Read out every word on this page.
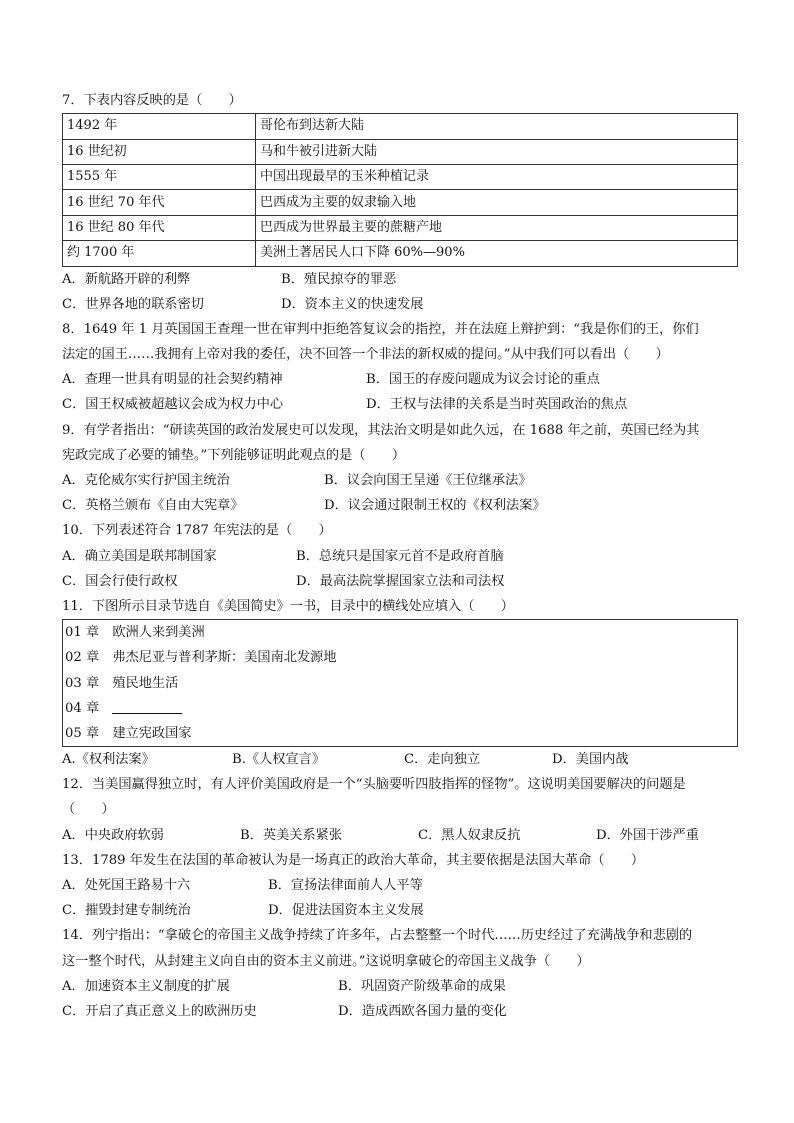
7．下表内容反映的是（　　）
1492 年	哥伦布到达新大陆
16 世纪初	马和牛被引进新大陆
1555 年	中国出现最早的玉米种植记录
16 世纪 70 年代	巴西成为主要的奴隶输入地
16 世纪 80 年代	巴西成为世界最主要的蔗糖产地
约 1700 年	美洲土著居民人口下降 60%—90%
A．新航路开辟的利弊	B．殖民掠夺的罪恶
C．世界各地的联系密切	D．资本主义的快速发展
8．1649 年 1 月英国国王查理一世在审判中拒绝答复议会的指控，并在法庭上辩护到：“我是你们的王，你们
法定的国王……我拥有上帝对我的委任，决不回答一个非法的新权威的提问。”从中我们可以看出（　　）
A．查理一世具有明显的社会契约精神	B．国王的存废问题成为议会讨论的重点
C．国王权威被超越议会成为权力中心	D．王权与法律的关系是当时英国政治的焦点
9．有学者指出：“研读英国的政治发展史可以发现，其法治文明是如此久远，在 1688 年之前，英国已经为其
宪政完成了必要的铺垫。”下列能够证明此观点的是（　　）
A．克伦威尔实行护国主统治	B．议会向国王呈递《王位继承法》
C．英格兰颁布《自由大宪章》	D．议会通过限制王权的《权利法案》
10．下列表述符合 1787 年宪法的是（　　）
A．确立美国是联邦制国家	B．总统只是国家元首不是政府首脑
C．国会行使行政权	D．最高法院掌握国家立法和司法权
11．下图所示目录节选自《美国简史》一书，目录中的横线处应填入（　　）
01 章　 欧洲人来到美洲
02 章　 弗杰尼亚与普利茅斯：美国南北发源地
03 章　 殖民地生活
04 章　
05 章　 建立宪政国家
A.《权利法案》	B.《人权宣言》	C．走向独立	D．美国内战
12．当美国赢得独立时，有人评价美国政府是一个“头脑要听四肢指挥的怪物”。这说明美国要解决的问题是
（　　）
A．中央政府软弱	B．英美关系紧张	C．黑人奴隶反抗	D．外国干涉严重
13．1789 年发生在法国的革命被认为是一场真正的政治大革命，其主要依据是法国大革命（　　）
A．处死国王路易十六	B．宣扬法律面前人人平等
C．摧毁封建专制统治	D．促进法国资本主义发展
14．列宁指出：“拿破仑的帝国主义战争持续了许多年，占去整整一个时代……历史经过了充满战争和悲剧的
这一整个时代，从封建主义向自由的资本主义前进。”这说明拿破仑的帝国主义战争（　　）
A．加速资本主义制度的扩展	B．巩固资产阶级革命的成果
C．开启了真正意义上的欧洲历史	D．造成西欧各国力量的变化
